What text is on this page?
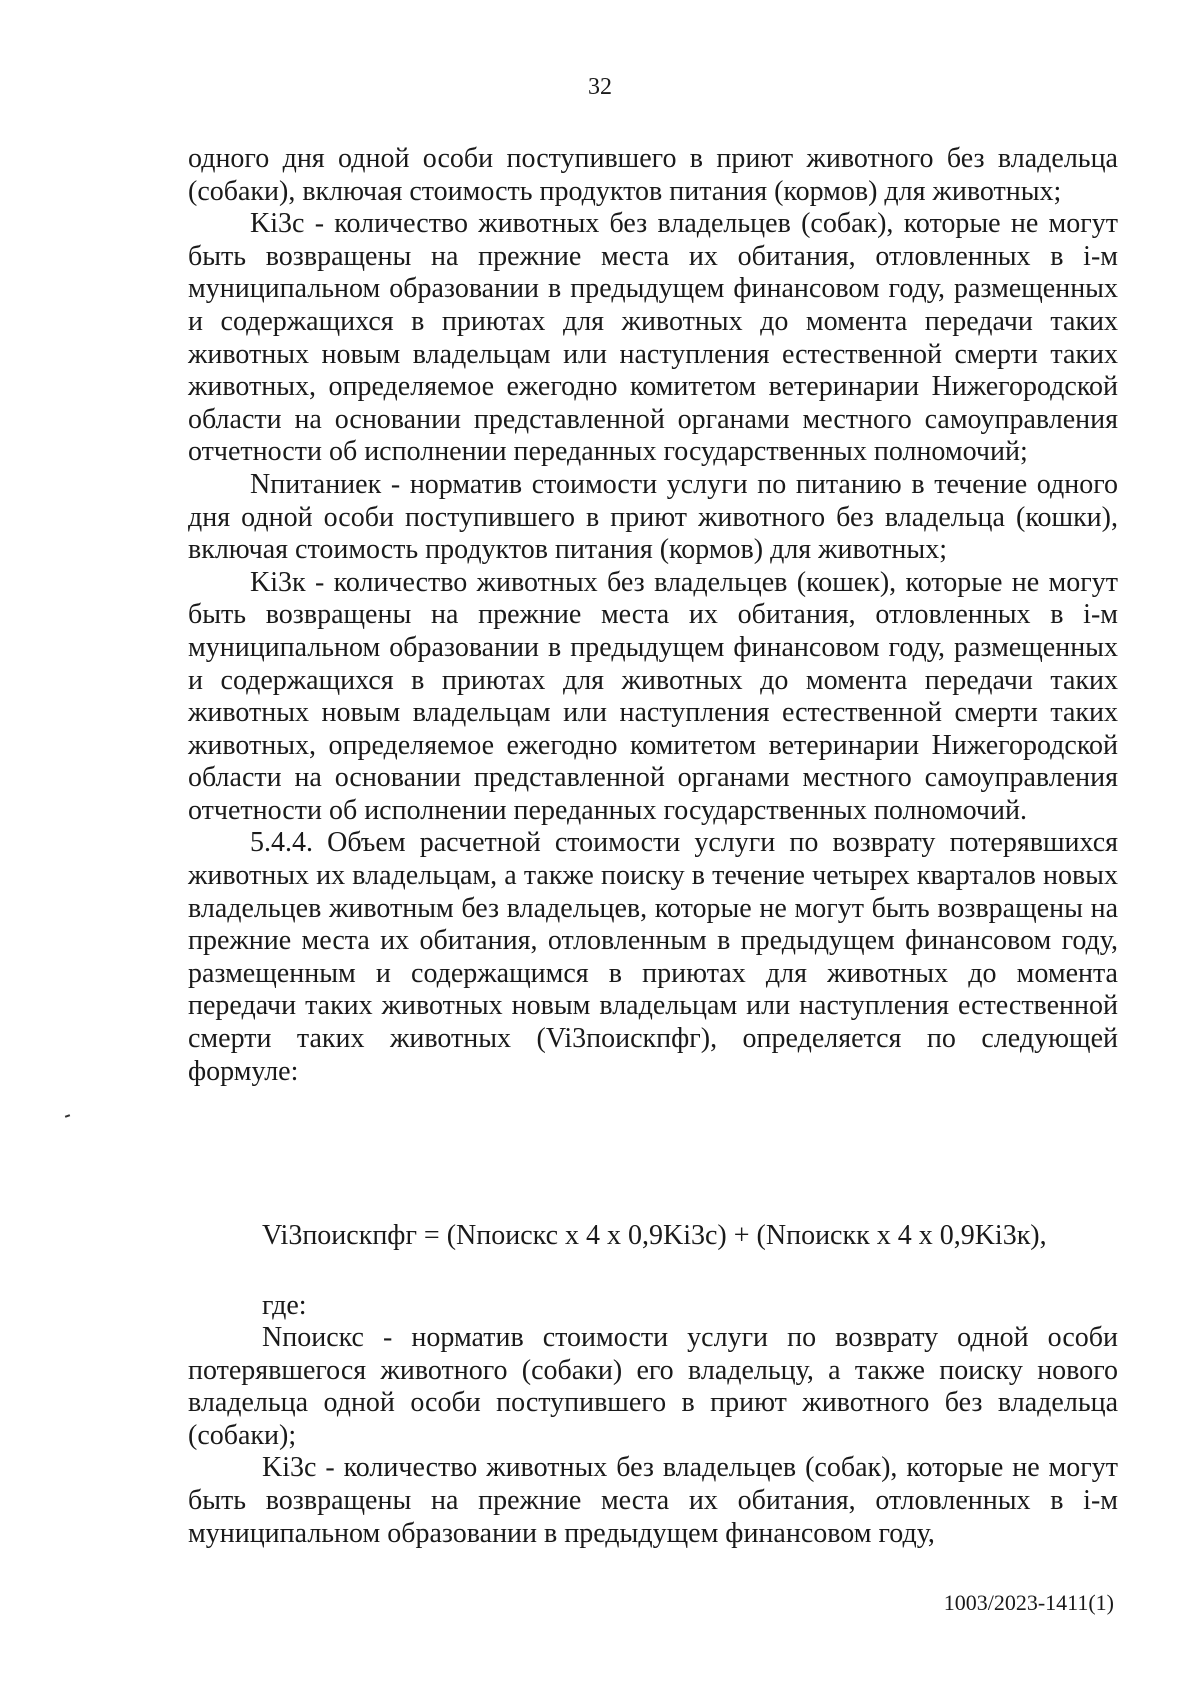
32

одного дня одной особи поступившего в приют животного без владельца (собаки), включая стоимость продуктов питания (кормов) для животных;

Ki3с - количество животных без владельцев (собак), которые не могут быть возвращены на прежние места их обитания, отловленных в i-м муниципальном образовании в предыдущем финансовом году, размещенных и содержащихся в приютах для животных до момента передачи таких животных новым владельцам или наступления естественной смерти таких животных, определяемое ежегодно комитетом ветеринарии Нижегородской области на основании представленной органами местного самоуправления отчетности об исполнении переданных государственных полномочий;

Nпитаниек - норматив стоимости услуги по питанию в течение одного дня одной особи поступившего в приют животного без владельца (кошки), включая стоимость продуктов питания (кормов) для животных;

Ki3к - количество животных без владельцев (кошек), которые не могут быть возвращены на прежние места их обитания, отловленных в i-м муниципальном образовании в предыдущем финансовом году, размещенных и содержащихся в приютах для животных до момента передачи таких животных новым владельцам или наступления естественной смерти таких животных, определяемое ежегодно комитетом ветеринарии Нижегородской области на основании представленной органами местного самоуправления отчетности об исполнении переданных государственных полномочий.

5.4.4. Объем расчетной стоимости услуги по возврату потерявшихся животных их владельцам, а также поиску в течение четырех кварталов новых владельцев животным без владельцев, которые не могут быть возвращены на прежние места их обитания, отловленным в предыдущем финансовом году, размещенным и содержащимся в приютах для животных до момента передачи таких животных новым владельцам или наступления естественной смерти таких животных (Vi3поискпфг), определяется по следующей формуле:

Vi3поискпфг = (Nпоискс x 4 x 0,9Ki3с) + (Nпоискк x 4 x 0,9Ki3к),
где:

Nпоискс - норматив стоимости услуги по возврату одной особи потерявшегося животного (собаки) его владельцу, а также поиску нового владельца одной особи поступившего в приют животного без владельца (собаки);

Ki3с - количество животных без владельцев (собак), которые не могут быть возвращены на прежние места их обитания, отловленных в i-м муниципальном образовании в предыдущем финансовом году,

1003/2023-1411(1)
